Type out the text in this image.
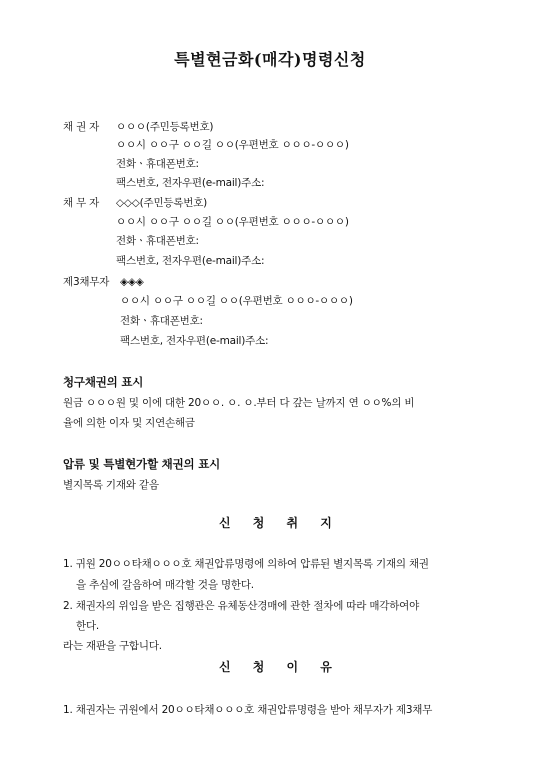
특별현금화(매각)명령신청
채 권 자 ㅇㅇㅇ(주민등록번호)
ㅇㅇ시 ㅇㅇ구 ㅇㅇ길 ㅇㅇ(우편번호 ㅇㅇㅇ-ㅇㅇㅇ)
전화ㆍ휴대폰번호:
팩스번호, 전자우편(e-mail)주소:
채 무 자 ◇◇◇(주민등록번호)
ㅇㅇ시 ㅇㅇ구 ㅇㅇ길 ㅇㅇ(우편번호 ㅇㅇㅇ-ㅇㅇㅇ)
전화ㆍ휴대폰번호:
팩스번호, 전자우편(e-mail)주소:
제3채무자 ◈◈◈
ㅇㅇ시 ㅇㅇ구 ㅇㅇ길 ㅇㅇ(우편번호 ㅇㅇㅇ-ㅇㅇㅇ)
전화ㆍ휴대폰번호:
팩스번호, 전자우편(e-mail)주소:
청구채권의 표시
원금 ㅇㅇㅇ원 및 이에 대한 20ㅇㅇ. ㅇ. ㅇ.부터 다 갚는 날까지 연 ㅇㅇ%의 비
율에 의한 이자 및 지연손해금
압류 및 특별현가할 채권의 표시
별지목록 기재와 같음
신 청 취 지
1. 귀원 20ㅇㅇ타채ㅇㅇㅇ호 채권압류명령에 의하여 압류된 별지목록 기재의 채권
을 추심에 갈음하여 매각할 것을 명한다.
2. 채권자의 위임을 받은 집행관은 유체동산경매에 관한 절차에 따라 매각하여야
한다.
라는 재판을 구합니다.
신 청 이 유
1. 채권자는 귀원에서 20ㅇㅇ타채ㅇㅇㅇ호 채권압류명령을 받아 채무자가 제3채무
